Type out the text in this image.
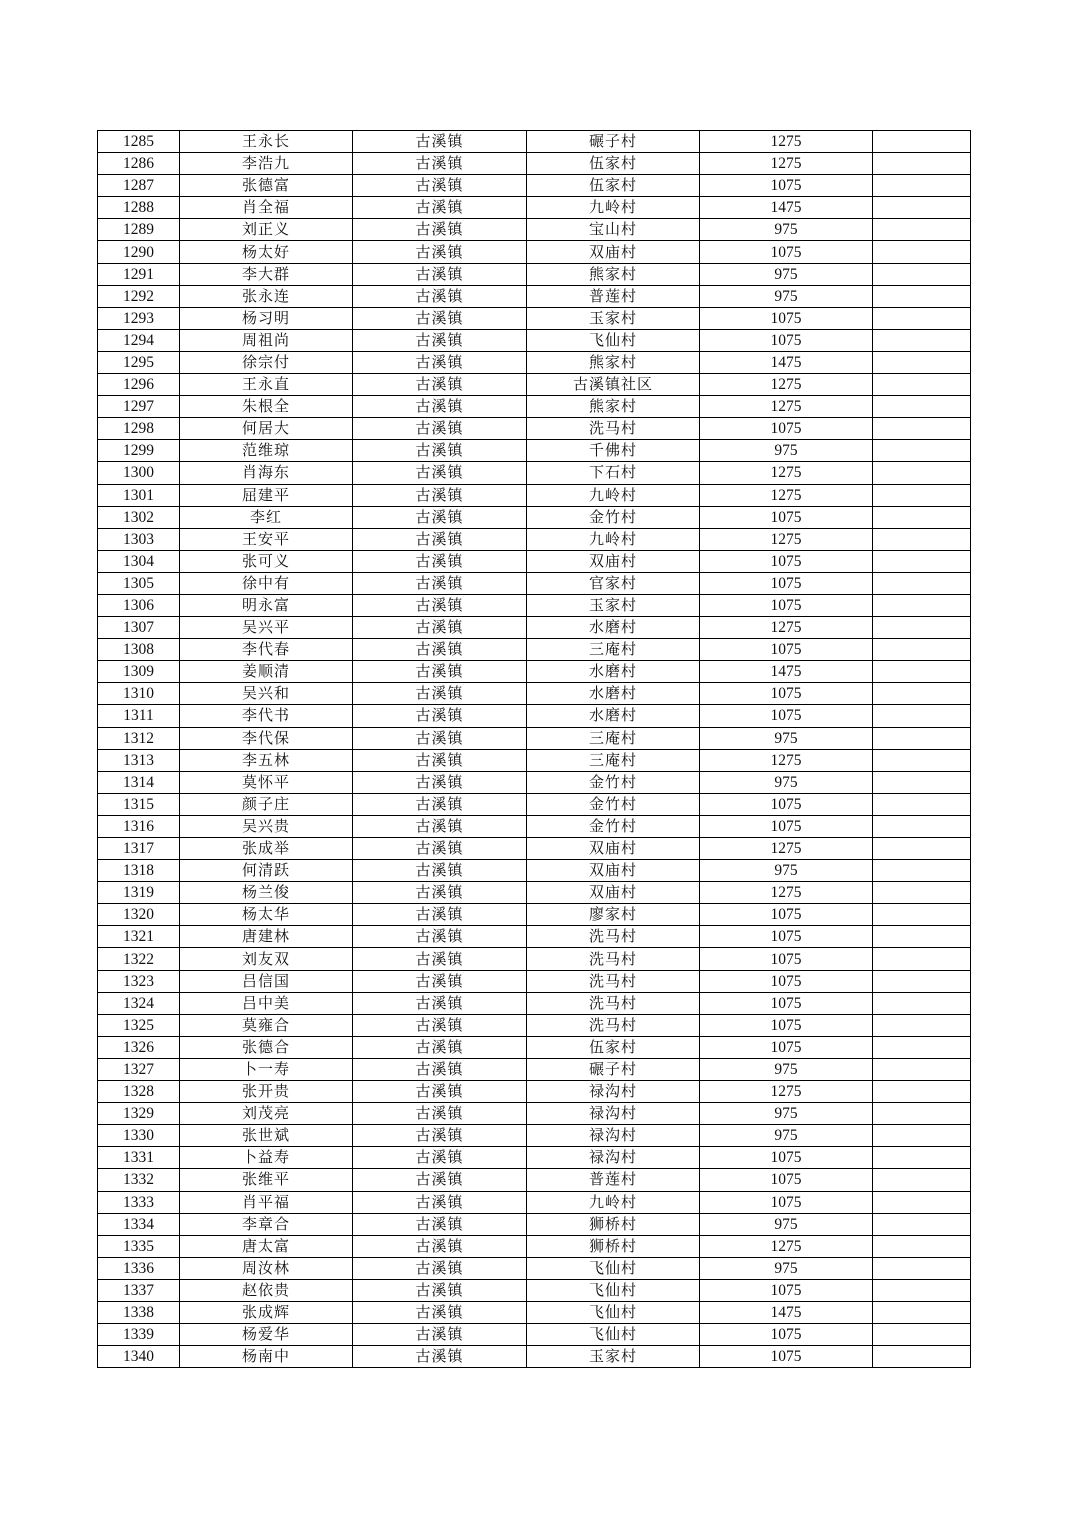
1285	王永长	古溪镇	碾子村	1275	
1286	李浩九	古溪镇	伍家村	1275	
1287	张德富	古溪镇	伍家村	1075	
1288	肖全福	古溪镇	九岭村	1475	
1289	刘正义	古溪镇	宝山村	975	
1290	杨太好	古溪镇	双庙村	1075	
1291	李大群	古溪镇	熊家村	975	
1292	张永连	古溪镇	普莲村	975	
1293	杨习明	古溪镇	玉家村	1075	
1294	周祖尚	古溪镇	飞仙村	1075	
1295	徐宗付	古溪镇	熊家村	1475	
1296	王永直	古溪镇	古溪镇社区	1275	
1297	朱根全	古溪镇	熊家村	1275	
1298	何居大	古溪镇	洗马村	1075	
1299	范维琼	古溪镇	千佛村	975	
1300	肖海东	古溪镇	下石村	1275	
1301	屈建平	古溪镇	九岭村	1275	
1302	李红	古溪镇	金竹村	1075	
1303	王安平	古溪镇	九岭村	1275	
1304	张可义	古溪镇	双庙村	1075	
1305	徐中有	古溪镇	官家村	1075	
1306	明永富	古溪镇	玉家村	1075	
1307	吴兴平	古溪镇	水磨村	1275	
1308	李代春	古溪镇	三庵村	1075	
1309	姜顺清	古溪镇	水磨村	1475	
1310	吴兴和	古溪镇	水磨村	1075	
1311	李代书	古溪镇	水磨村	1075	
1312	李代保	古溪镇	三庵村	975	
1313	李五林	古溪镇	三庵村	1275	
1314	莫怀平	古溪镇	金竹村	975	
1315	颜子庄	古溪镇	金竹村	1075	
1316	吴兴贵	古溪镇	金竹村	1075	
1317	张成举	古溪镇	双庙村	1275	
1318	何清跃	古溪镇	双庙村	975	
1319	杨兰俊	古溪镇	双庙村	1275	
1320	杨太华	古溪镇	廖家村	1075	
1321	唐建林	古溪镇	洗马村	1075	
1322	刘友双	古溪镇	洗马村	1075	
1323	吕信国	古溪镇	洗马村	1075	
1324	吕中美	古溪镇	洗马村	1075	
1325	莫雍合	古溪镇	洗马村	1075	
1326	张德合	古溪镇	伍家村	1075	
1327	卜一寿	古溪镇	碾子村	975	
1328	张开贵	古溪镇	禄沟村	1275	
1329	刘茂亮	古溪镇	禄沟村	975	
1330	张世斌	古溪镇	禄沟村	975	
1331	卜益寿	古溪镇	禄沟村	1075	
1332	张维平	古溪镇	普莲村	1075	
1333	肖平福	古溪镇	九岭村	1075	
1334	李章合	古溪镇	狮桥村	975	
1335	唐太富	古溪镇	狮桥村	1275	
1336	周汝林	古溪镇	飞仙村	975	
1337	赵依贵	古溪镇	飞仙村	1075	
1338	张成辉	古溪镇	飞仙村	1475	
1339	杨爱华	古溪镇	飞仙村	1075	
1340	杨南中	古溪镇	玉家村	1075	
